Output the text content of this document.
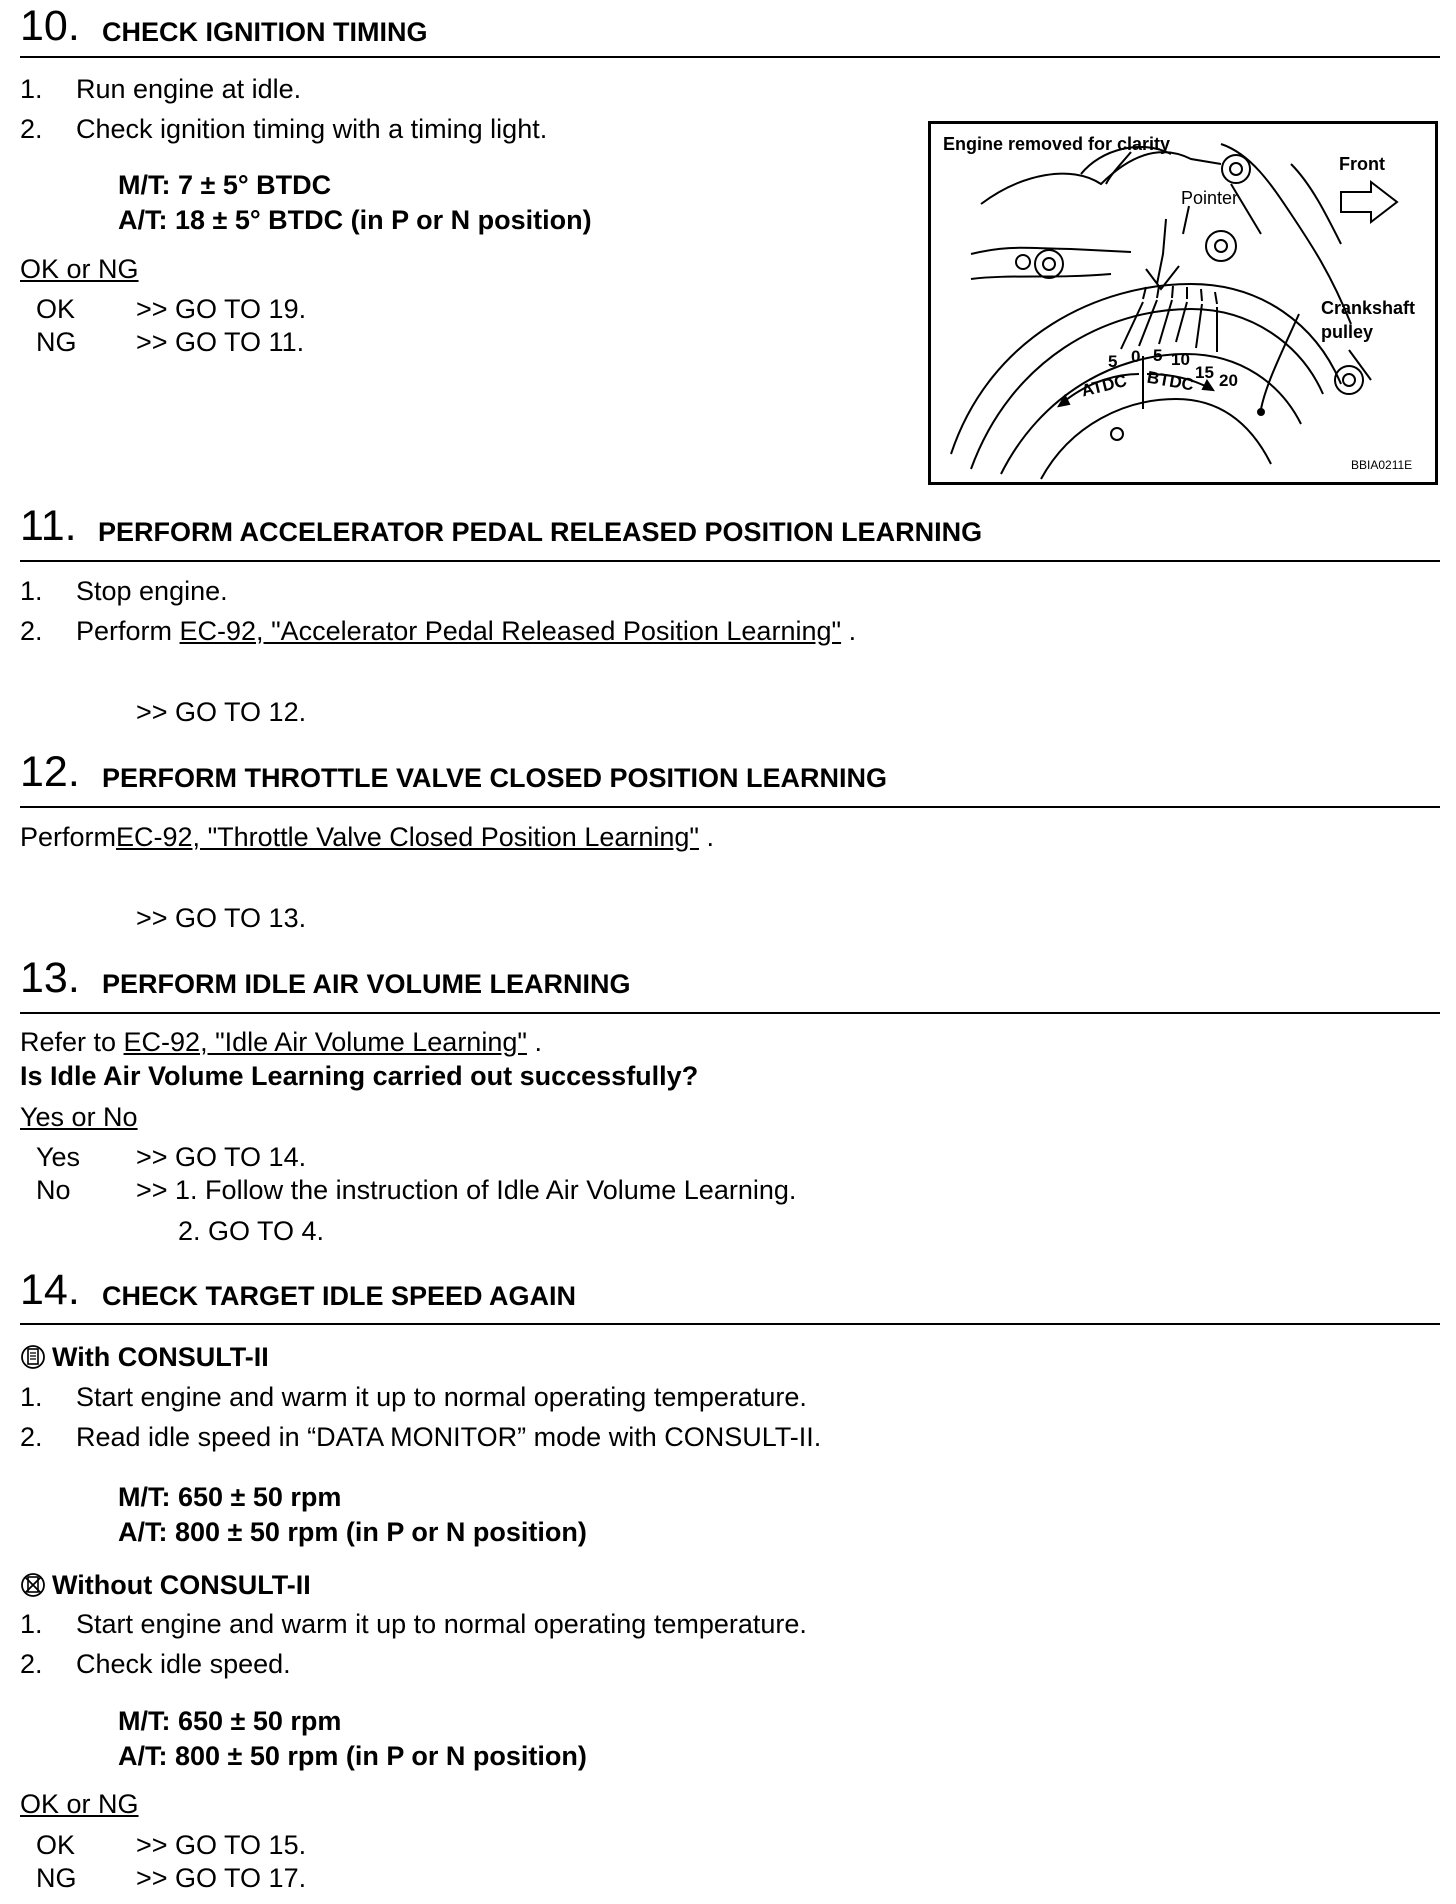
10. CHECK IGNITION TIMING
1. Run engine at idle.
2. Check ignition timing with a timing light.
M/T: 7 ± 5° BTDC
A/T: 18 ± 5° BTDC (in P or N position)
OK or NG
OK >> GO TO 19.
NG >> GO TO 11.
Engine removed for clarity
Front
Pointer
Crankshaft
pulley
5 0 5 10
15 20
ATDC BTDC
BBIA0211E
11. PERFORM ACCELERATOR PEDAL RELEASED POSITION LEARNING
1. Stop engine.
2. Perform EC-92, "Accelerator Pedal Released Position Learning" .
>> GO TO 12.
12. PERFORM THROTTLE VALVE CLOSED POSITION LEARNING
PerformEC-92, "Throttle Valve Closed Position Learning" .
>> GO TO 13.
13. PERFORM IDLE AIR VOLUME LEARNING
Refer to EC-92, "Idle Air Volume Learning" .
Is Idle Air Volume Learning carried out successfully?
Yes or No
Yes >> GO TO 14.
No >> 1. Follow the instruction of Idle Air Volume Learning.
2. GO TO 4.
14. CHECK TARGET IDLE SPEED AGAIN
With CONSULT-II
1. Start engine and warm it up to normal operating temperature.
2. Read idle speed in “DATA MONITOR” mode with CONSULT-II.
M/T: 650 ± 50 rpm
A/T: 800 ± 50 rpm (in P or N position)
Without CONSULT-II
1. Start engine and warm it up to normal operating temperature.
2. Check idle speed.
M/T: 650 ± 50 rpm
A/T: 800 ± 50 rpm (in P or N position)
OK or NG
OK >> GO TO 15.
NG >> GO TO 17.
